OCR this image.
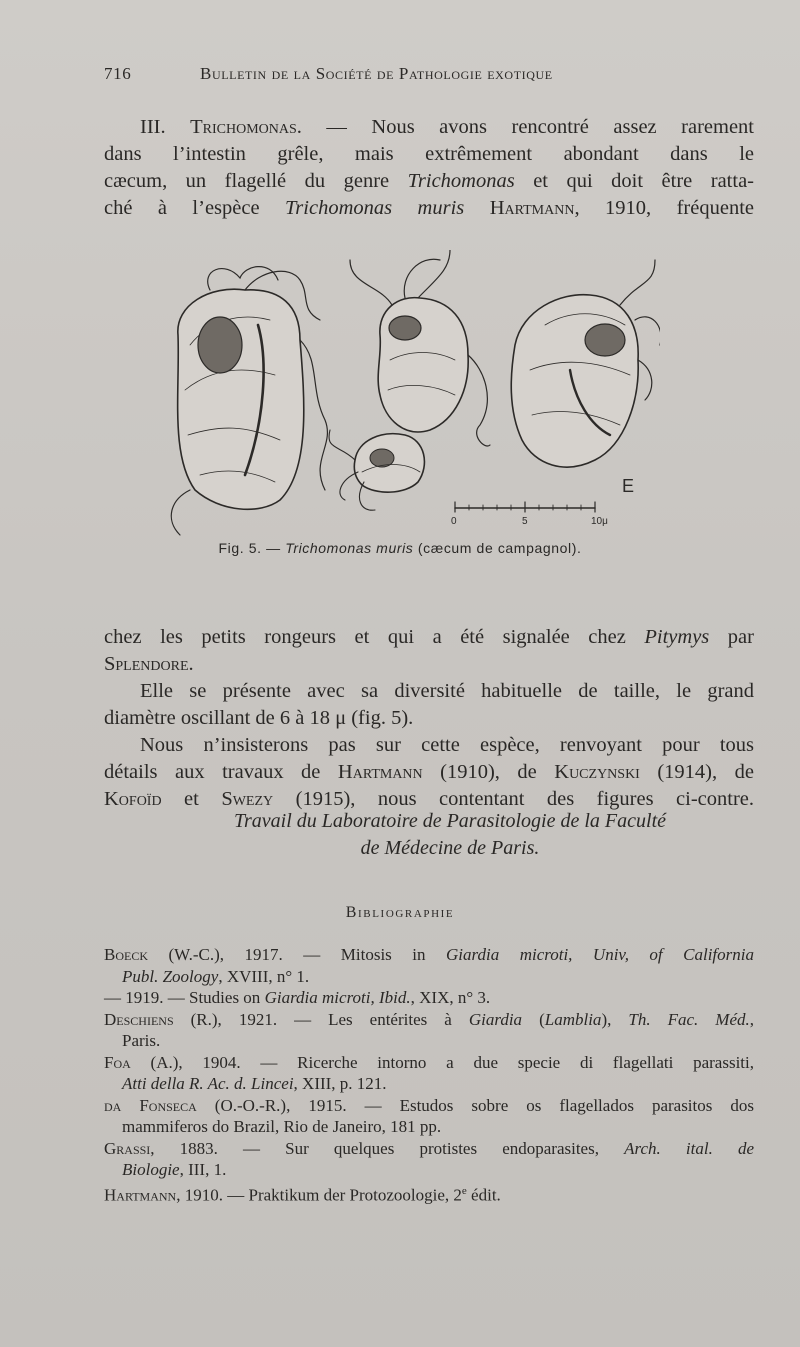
716	Bulletin de la Société de Pathologie exotique
III. Trichomonas. — Nous avons rencontré assez rarement
dans l’intestin grêle, mais extrêmement abondant dans le
cæcum, un flagellé du genre Trichomonas et qui doit être ratta-
ché à l’espèce Trichomonas muris Hartmann, 1910, fréquente
0	5	10μ
E
Fig. 5. — Trichomonas muris (cæcum de campagnol).
chez les petits rongeurs et qui a été signalée chez Pitymys par
Splendore.
Elle se présente avec sa diversité habituelle de taille, le grand
diamètre oscillant de 6 à 18 μ (fig. 5).
Nous n’insisterons pas sur cette espèce, renvoyant pour tous
détails aux travaux de Hartmann (1910), de Kuczynski (1914), de
Kofoïd et Swezy (1915), nous contentant des figures ci-contre.
Travail du Laboratoire de Parasitologie de la Faculté
de Médecine de Paris.
Bibliographie
Boeck (W.-C.), 1917. — Mitosis in Giardia microti, Univ, of California
Publ. Zoology, XVIII, n° 1.
— 1919. — Studies on Giardia microti, Ibid., XIX, n° 3.
Deschiens (R.), 1921. — Les entérites à Giardia (Lamblia), Th. Fac. Méd.,
Paris.
Foa (A.), 1904. — Ricerche intorno a due specie di flagellati parassiti,
Atti della R. Ac. d. Lincei, XIII, p. 121.
da Fonseca (O.-O.-R.), 1915. — Estudos sobre os flagellados parasitos dos
mammiferos do Brazil, Rio de Janeiro, 181 pp.
Grassi, 1883. — Sur quelques protistes endoparasites, Arch. ital. de
Biologie, III, 1.
Hartmann, 1910. — Praktikum der Protozoologie, 2e édit.
